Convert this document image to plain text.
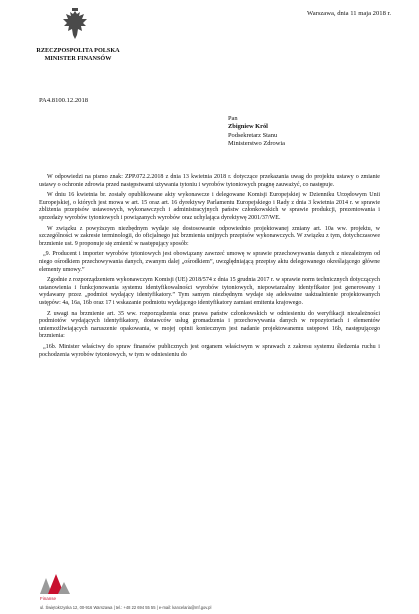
RZECZPOSPOLITA POLSKA
MINISTER FINANSÓW
Warszawa, dnia 11 maja 2018 r.
PA4.8100.12.2018
Pan
Zbigniew Król
Podsekretarz Stanu
Ministerstwo Zdrowia

W odpowiedzi na pismo znak: ZPP.072.2.2018 z dnia 13 kwietnia 2018 r. dotyczące przekazania uwag do projektu ustawy o zmianie ustawy o ochronie zdrowia przed następstwami używania tytoniu i wyrobów tytoniowych pragnę zauważyć, co następuje.

W dniu 16 kwietnia br. zostały opublikowane akty wykonawcze i delegowane Komisji Europejskiej w Dzienniku Urzędowym Unii Europejskiej, o których jest mowa w art. 15 oraz art. 16 dyrektywy Parlamentu Europejskiego i Rady z dnia 3 kwietnia 2014 r. w sprawie zbliżenia przepisów ustawowych, wykonawczych i administracyjnych państw członkowskich w sprawie produkcji, prezentowania i sprzedaży wyrobów tytoniowych i powiązanych wyrobów oraz uchylająca dyrektywę 2001/37/WE.

W związku z powyższym niezbędnym wydaje się dostosowanie odpowiednio projektowanej zmiany art. 10a ww. projektu, w szczególności w zakresie terminologii, do oficjalnego już brzmienia unijnych przepisów wykonawczych. W związku z tym, dotychczasowe brzmienie ust. 9 proponuje się zmienić w następujący sposób:

„9. Producent i importer wyrobów tytoniowych jest obowiązany zawrzeć umowę w sprawie przechowywania danych z niezależnym od niego ośrodkiem przechowywania danych, zwanym dalej „ośrodkiem”, uwzględniającą przepisy aktu delegowanego określającego główne elementy umowy.”

Zgodnie z rozporządzeniem wykonawczym Komisji (UE) 2018/574 z dnia 15 grudnia 2017 r. w sprawie norm technicznych dotyczących ustanowienia i funkcjonowania systemu identyfikowalności wyrobów tytoniowych, niepowtarzalny identyfikator jest generowany i wydawany przez „podmiot wydający identyfikatory.” Tym samym niezbędnym wydaje się adekwatne uaktualnienie projektowanych ustępów: 4a, 16a, 16b oraz 17 i wskazanie podmiotu wydającego identyfikatory zamiast emitenta krajowego.

Z uwagi na brzmienie art. 35 ww. rozporządzenia oraz prawa państw członkowskich w odniesieniu do weryfikacji niezależności podmiotów wydających identyfikatory, dostawców usług gromadzenia i przechowywania danych w repozytoriach i elementów uniemożliwiających naruszenie opakowania, w mojej opinii koniecznym jest nadanie projektowanemu ustępowi 16b, następującego brzmienia:

„16b. Minister właściwy do spraw finansów publicznych jest organem właściwym w sprawach z zakresu systemu śledzenia ruchu i pochodzenia wyrobów tytoniowych, w tym w odniesieniu do

Finanse
ul. Świętokrzyska 12, 00-916 Warszawa | tel.: +48 22 694 55 55 | e-mail: kancelaria@mf.gov.pl
